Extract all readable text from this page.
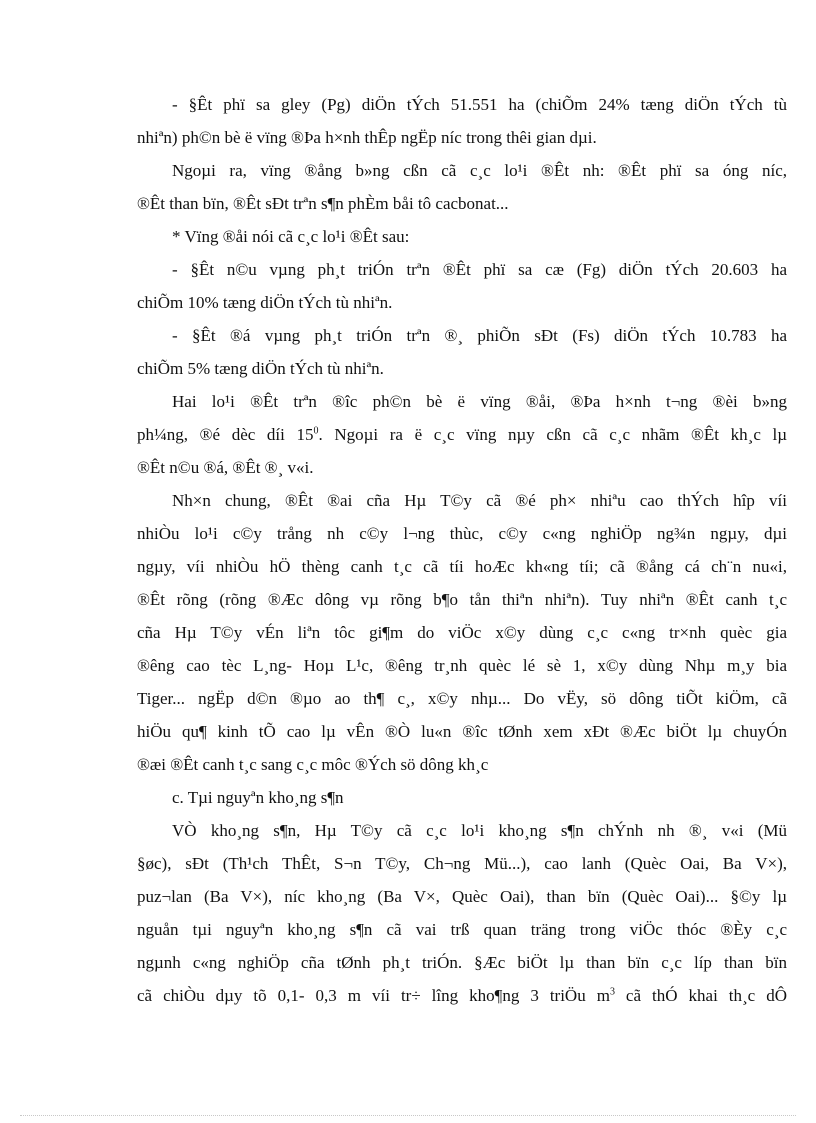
- §Êt phï sa gley (Pg) diÖn tÝch 51.551 ha (chiÕm 24% tæng diÖn tÝch tù
nhiªn) ph©n bè ë vïng ®Þa h×nh thÊp ngËp níc trong thêi gian dµi.
Ngoµi ra, vïng ®ång b»ng cßn cã c¸c lo¹i ®Êt nh: ®Êt phï sa óng níc,
®Êt than bïn, ®Êt sÐt trªn s¶n phÈm båi tô cacbonat...
* Vïng ®åi nói cã c¸c lo¹i ®Êt sau:
- §Êt n©u vµng ph¸t triÓn trªn ®Êt phï sa cæ (Fg) diÖn tÝch 20.603 ha
chiÕm 10% tæng diÖn tÝch tù nhiªn.
- §Êt ®á vµng ph¸t triÓn trªn ®¸ phiÕn sÐt (Fs) diÖn tÝch 10.783 ha
chiÕm 5% tæng diÖn tÝch tù nhiªn.
Hai lo¹i ®Êt trªn ®îc ph©n bè ë vïng ®åi, ®Þa h×nh t¬ng ®èi b»ng
ph¼ng, ®é dèc díi $15^0$. Ngoµi ra ë c¸c vïng nµy cßn cã c¸c nhãm ®Êt kh¸c lµ
®Êt n©u ®á, ®Êt ®¸ v«i.
Nh×n chung, ®Êt ®ai cña Hµ T©y cã ®é ph× nhiªu cao thÝch hîp víi
nhiÒu lo¹i c©y trång nh c©y l¬ng thùc, c©y c«ng nghiÖp ng¾n ngµy, dµi
ngµy, víi nhiÒu hÖ thèng canh t¸c cã tíi hoÆc kh«ng tíi; cã ®ång cá ch¨n nu«i,
®Êt rõng (rõng ®Æc dông vµ rõng b¶o tån thiªn nhiªn). Tuy nhiªn ®Êt canh t¸c
cña Hµ T©y vÉn liªn tôc gi¶m do viÖc x©y dùng c¸c c«ng tr×nh quèc gia
®êng cao tèc L¸ng- Hoµ L¹c, ®êng tr¸nh quèc lé sè 1, x©y dùng Nhµ m¸y bia
Tiger... ngËp d©n ®µo ao th¶ c¸, x©y nhµ... Do vËy, sö dông tiÕt kiÖm, cã
hiÖu qu¶ kinh tÕ cao lµ vÊn ®Ò lu«n ®îc tØnh xem xÐt ®Æc biÖt lµ chuyÓn
®æi ®Êt canh t¸c sang c¸c môc ®Ých sö dông kh¸c
c. Tµi nguyªn kho¸ng s¶n
VÒ kho¸ng s¶n, Hµ T©y cã c¸c lo¹i kho¸ng s¶n chÝnh nh ®¸ v«i (Mü
§øc), sÐt (Th¹ch ThÊt, S¬n T©y, Ch¬ng Mü...), cao lanh (Quèc Oai, Ba V×),
puz¬lan (Ba V×), níc kho¸ng (Ba V×, Quèc Oai), than bïn (Quèc Oai)... §©y lµ
nguån tµi nguyªn kho¸ng s¶n cã vai trß quan träng trong viÖc thóc ®Èy c¸c
ngµnh c«ng nghiÖp cña tØnh ph¸t triÓn. §Æc biÖt lµ than bïn c¸c líp than bïn
cã chiÒu dµy tõ 0,1- 0,3 m víi tr÷ lîng kho¶ng 3 triÖu $m^3$ cã thÓ khai th¸c dÔ
